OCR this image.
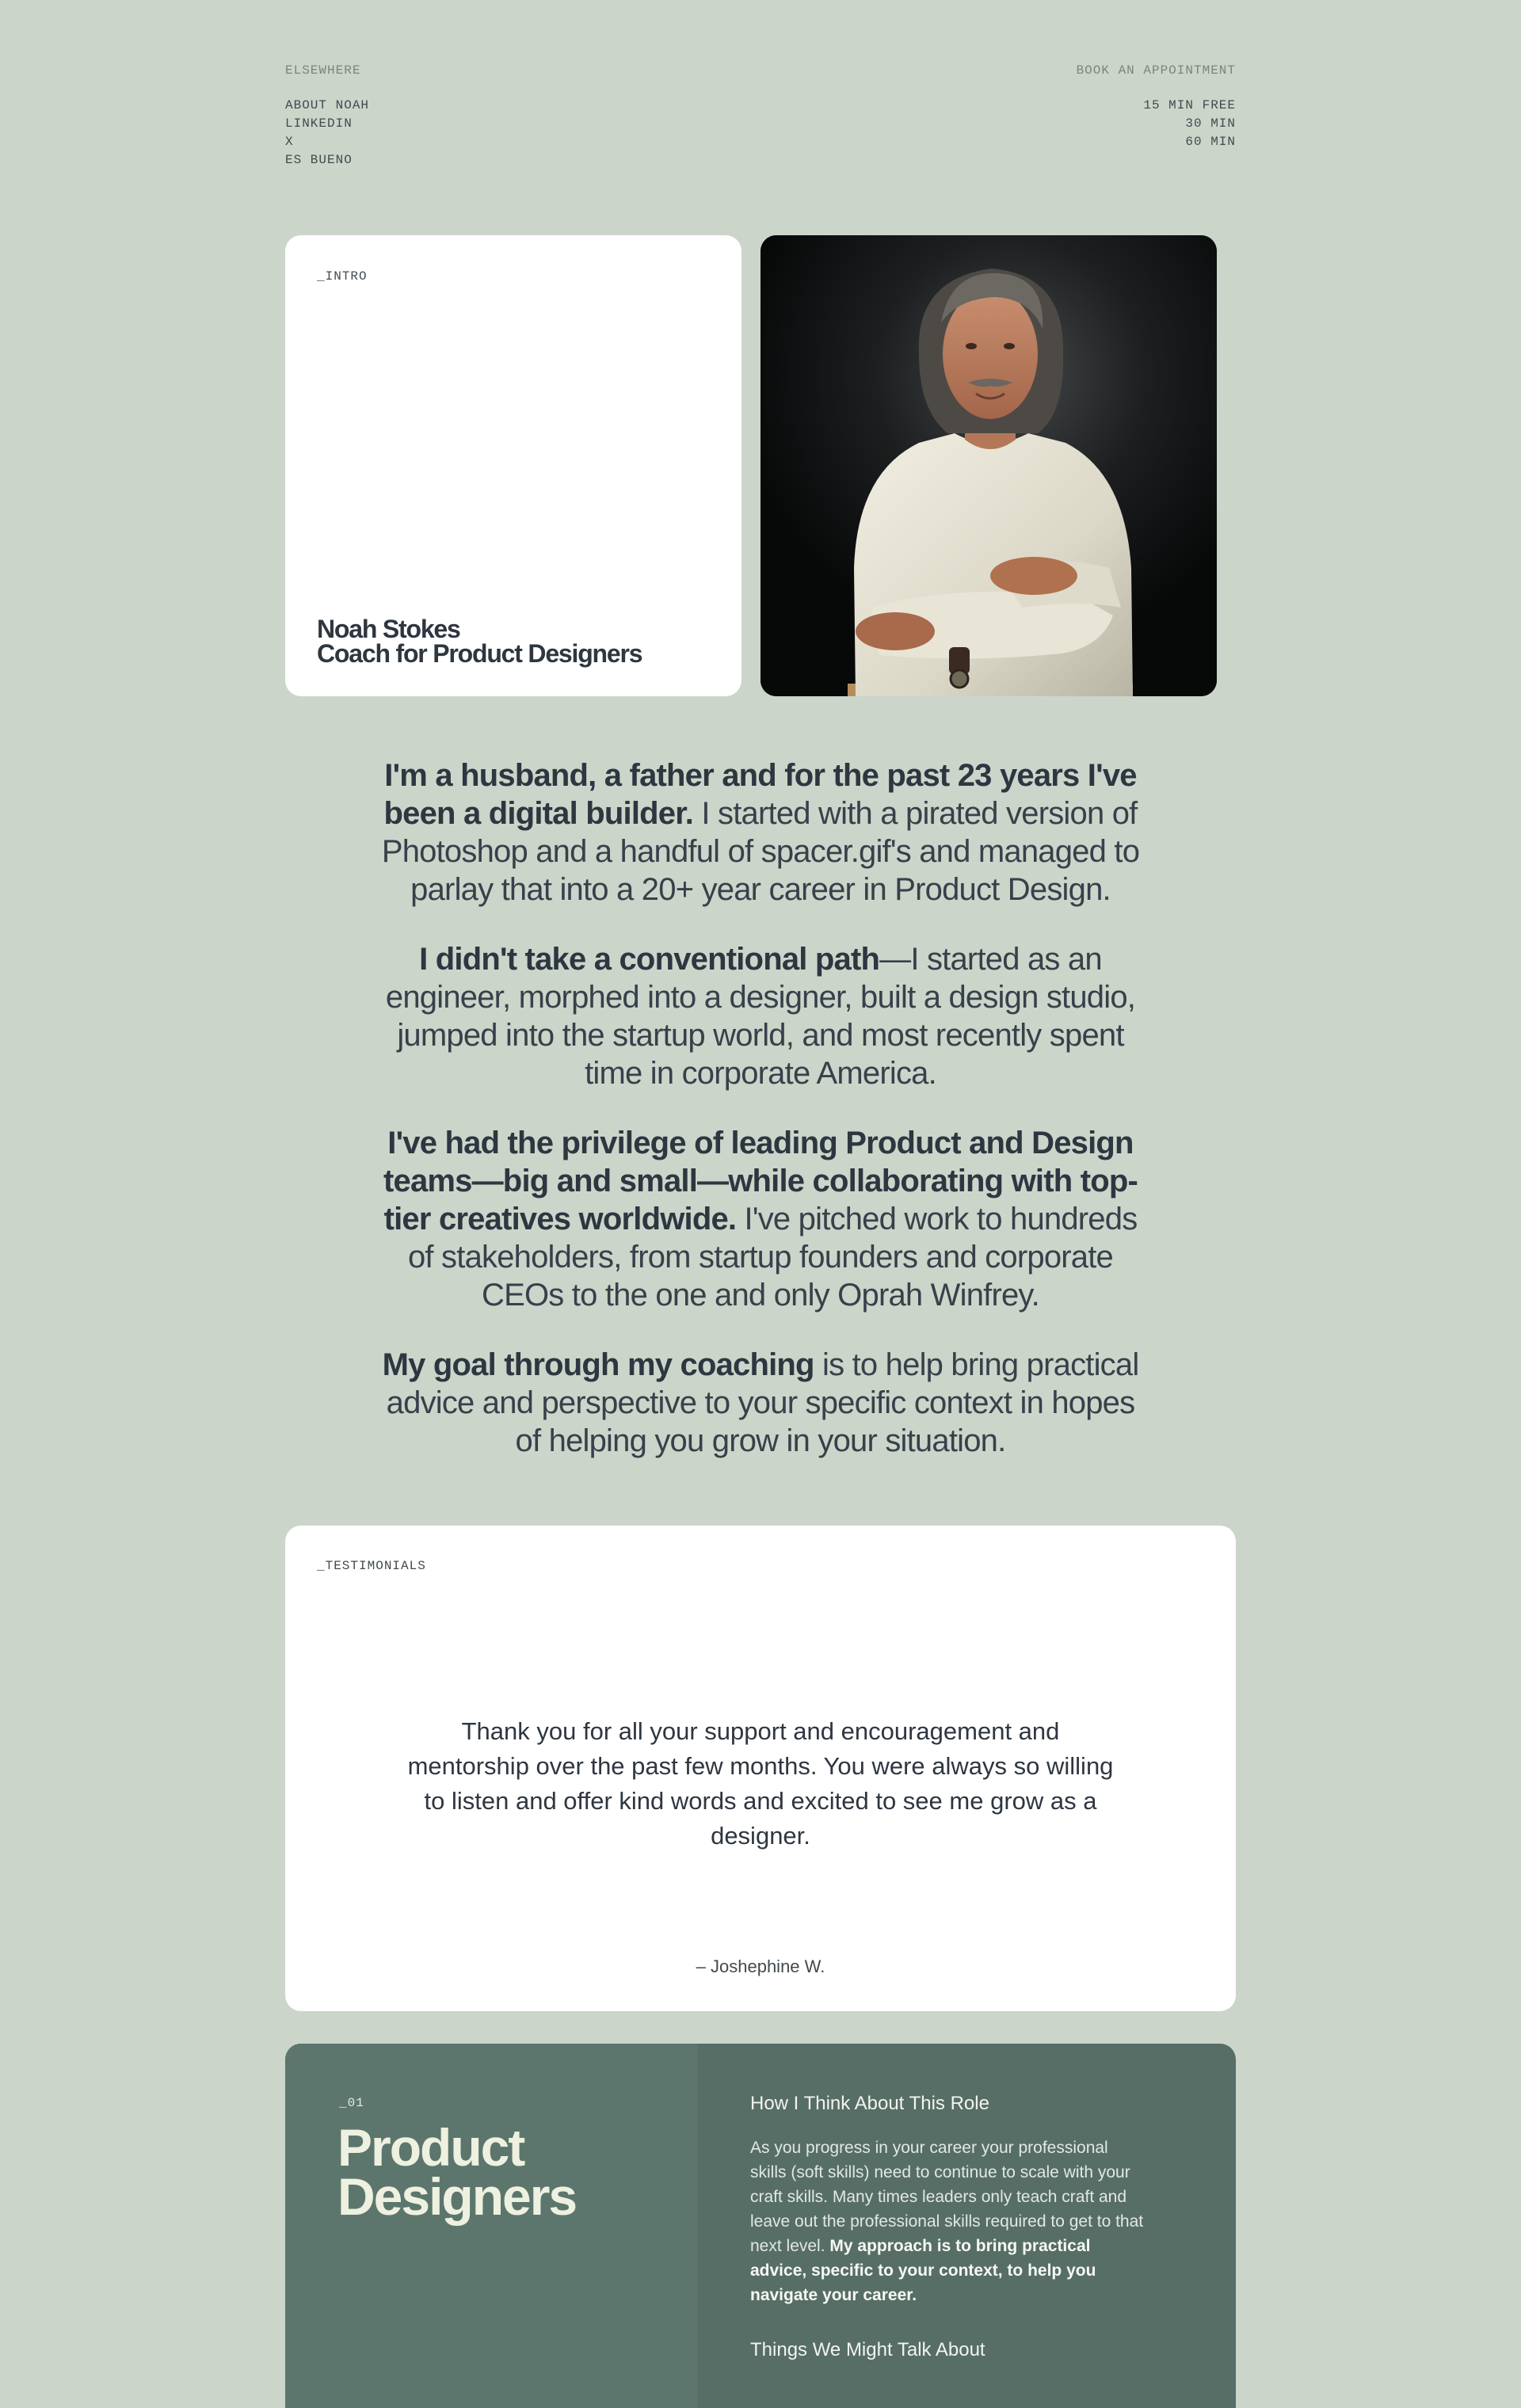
ELSEWHERE
ABOUT NOAH
LINKEDIN
X
ES BUENO
BOOK AN APPOINTMENT
15 MIN FREE
30 MIN
60 MIN
_INTRO
Noah Stokes
Coach for Product Designers

I'm a husband, a father and for the past 23 years I've been a digital builder. I started with a pirated version of Photoshop and a handful of spacer.gif's and managed to parlay that into a 20+ year career in Product Design.

I didn't take a conventional path—I started as an engineer, morphed into a designer, built a design studio, jumped into the startup world, and most recently spent time in corporate America.

I've had the privilege of leading Product and Design teams—big and small—while collaborating with top-tier creatives worldwide. I've pitched work to hundreds of stakeholders, from startup founders and corporate CEOs to the one and only Oprah Winfrey.

My goal through my coaching is to help bring practical advice and perspective to your specific context in hopes of helping you grow in your situation.

_TESTIMONIALS
Thank you for all your support and encouragement and mentorship over the past few months. You were always so willing to listen and offer kind words and excited to see me grow as a designer.
– Joshephine W.
_01
Product
Designers
How I Think About This Role

As you progress in your career your professional skills (soft skills) need to continue to scale with your craft skills. Many times leaders only teach craft and leave out the professional skills required to get to that next level. My approach is to bring practical advice, specific to your context, to help you navigate your career.

Things We Might Talk About
